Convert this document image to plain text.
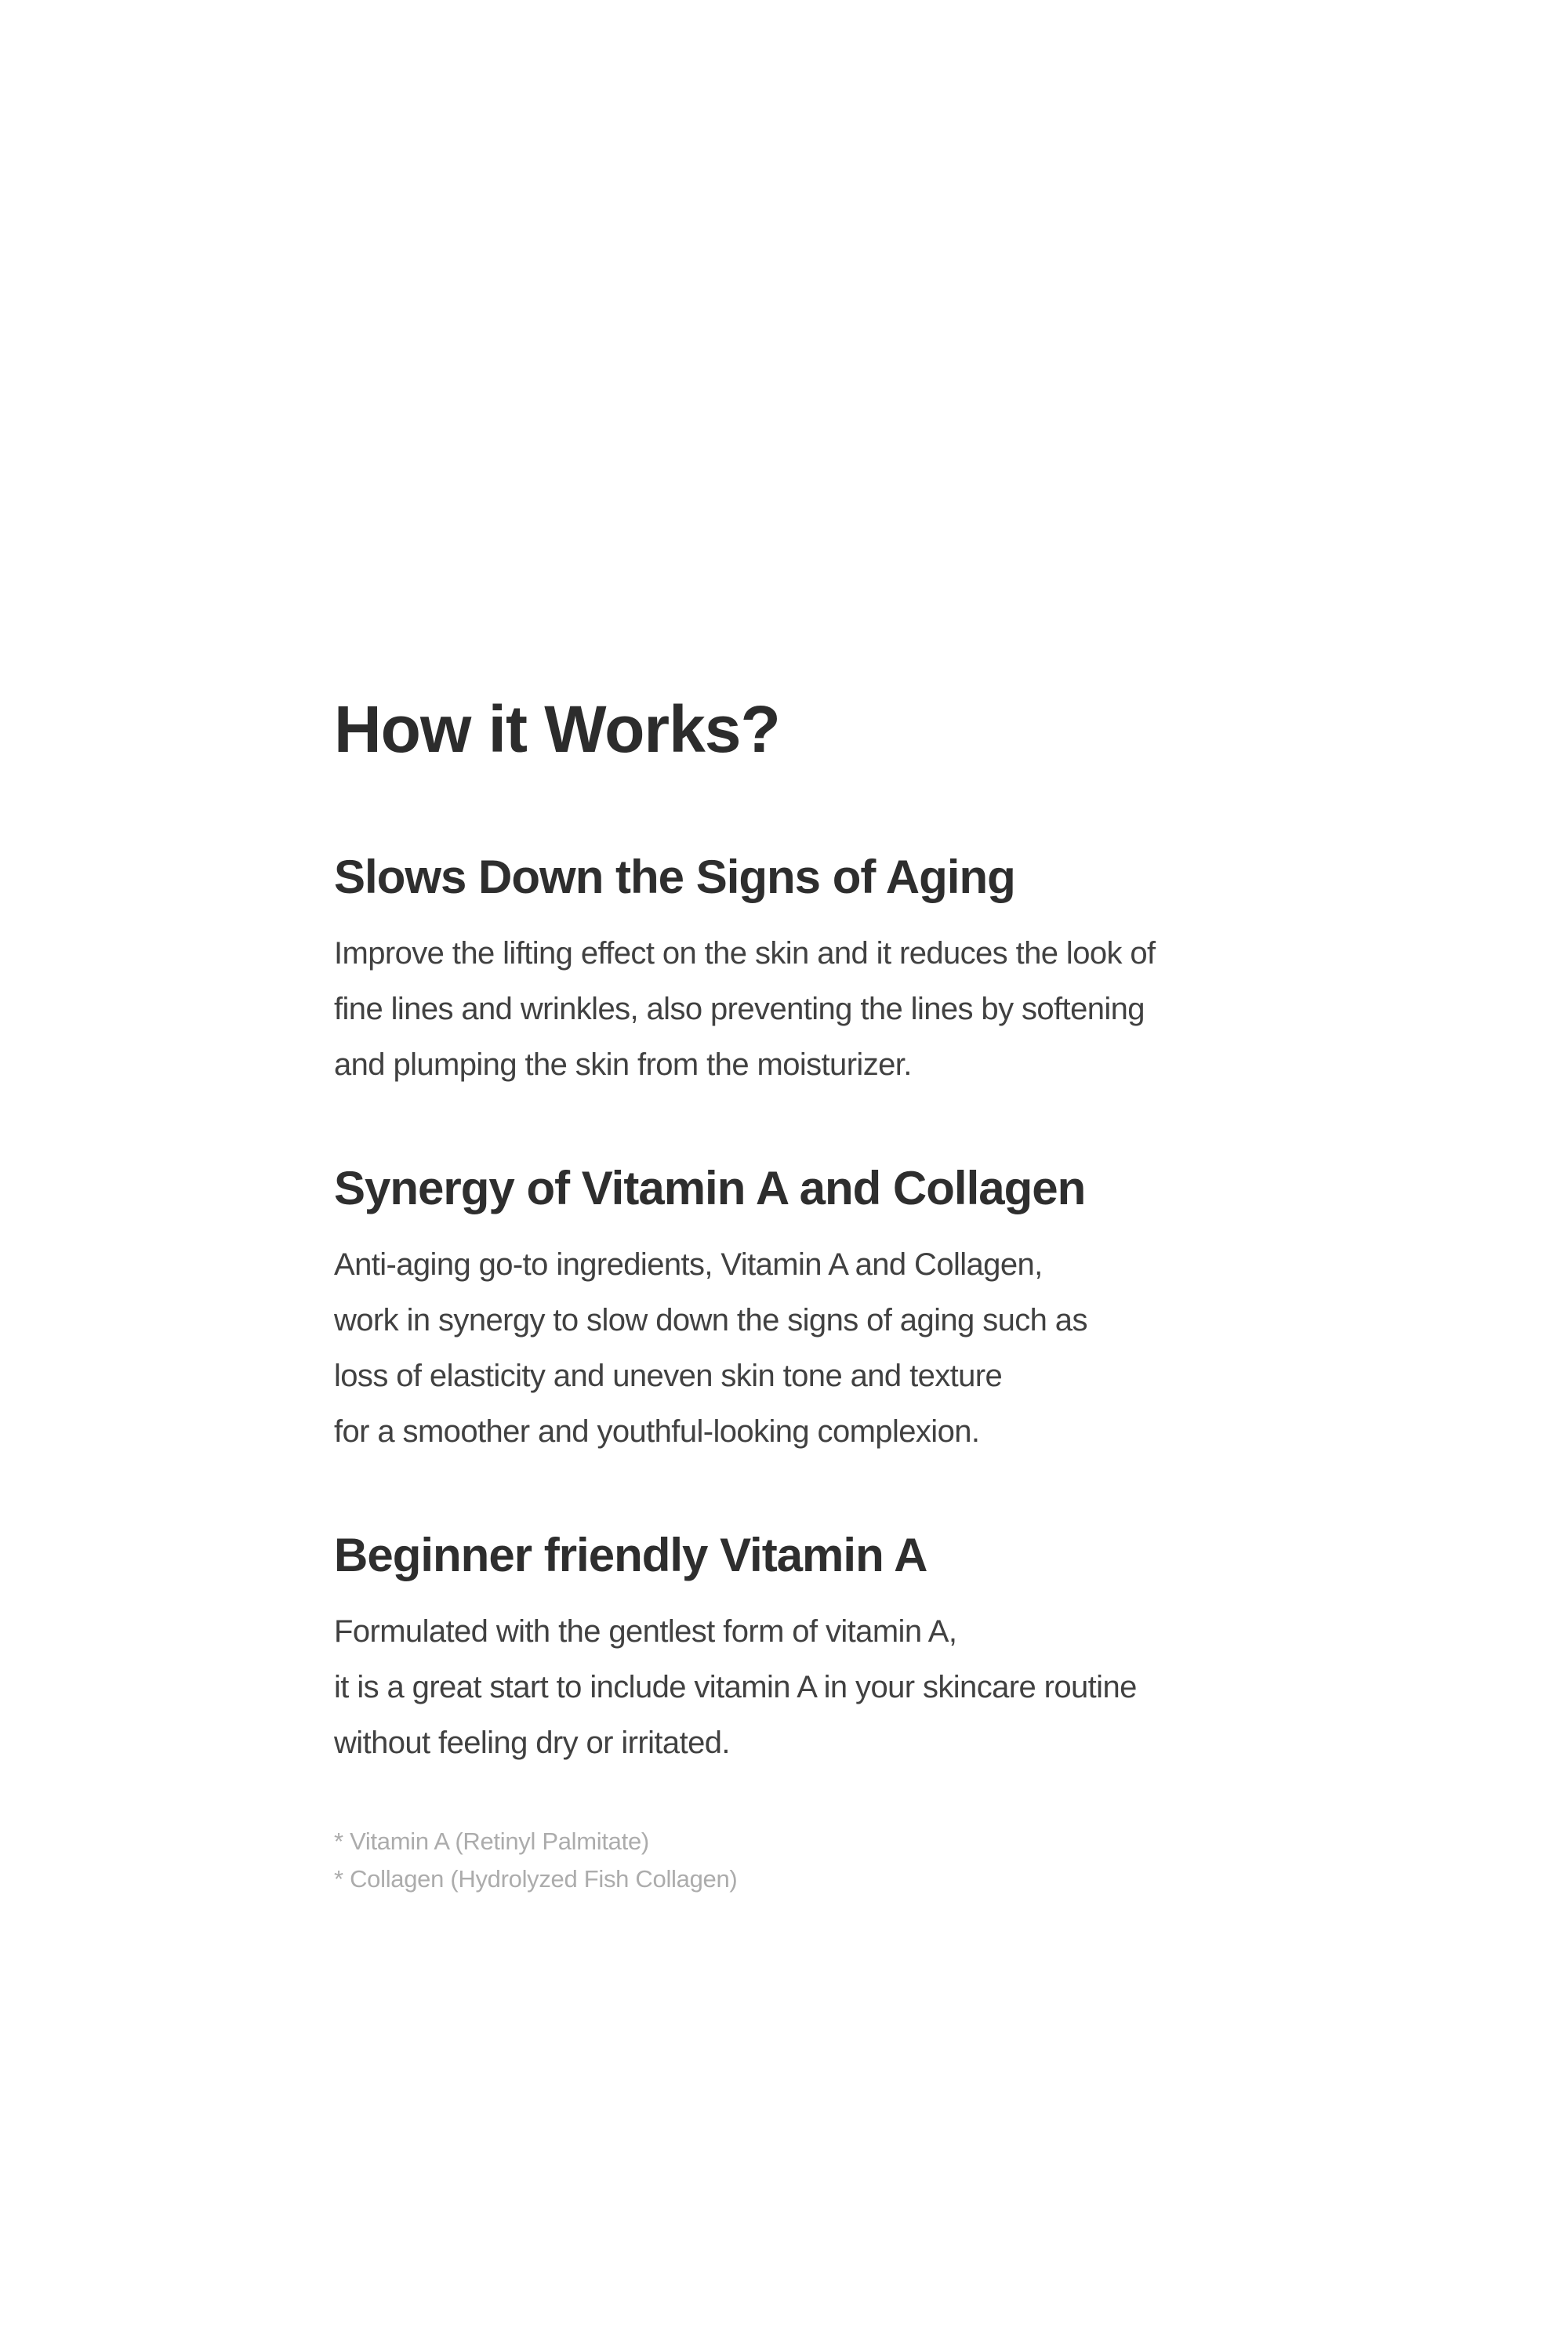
How it Works?
Slows Down the Signs of Aging
Improve the lifting effect on the skin and it reduces the look of
fine lines and wrinkles, also preventing the lines by softening
and plumping the skin from the moisturizer.
Synergy of Vitamin A and Collagen
Anti-aging go-to ingredients, Vitamin A and Collagen,
work in synergy to slow down the signs of aging such as
loss of elasticity and uneven skin tone and texture
for a smoother and youthful-looking complexion.
Beginner friendly Vitamin A
Formulated with the gentlest form of vitamin A,
it is a great start to include vitamin A in your skincare routine
without feeling dry or irritated.
* Vitamin A (Retinyl Palmitate)
* Collagen (Hydrolyzed Fish Collagen)
